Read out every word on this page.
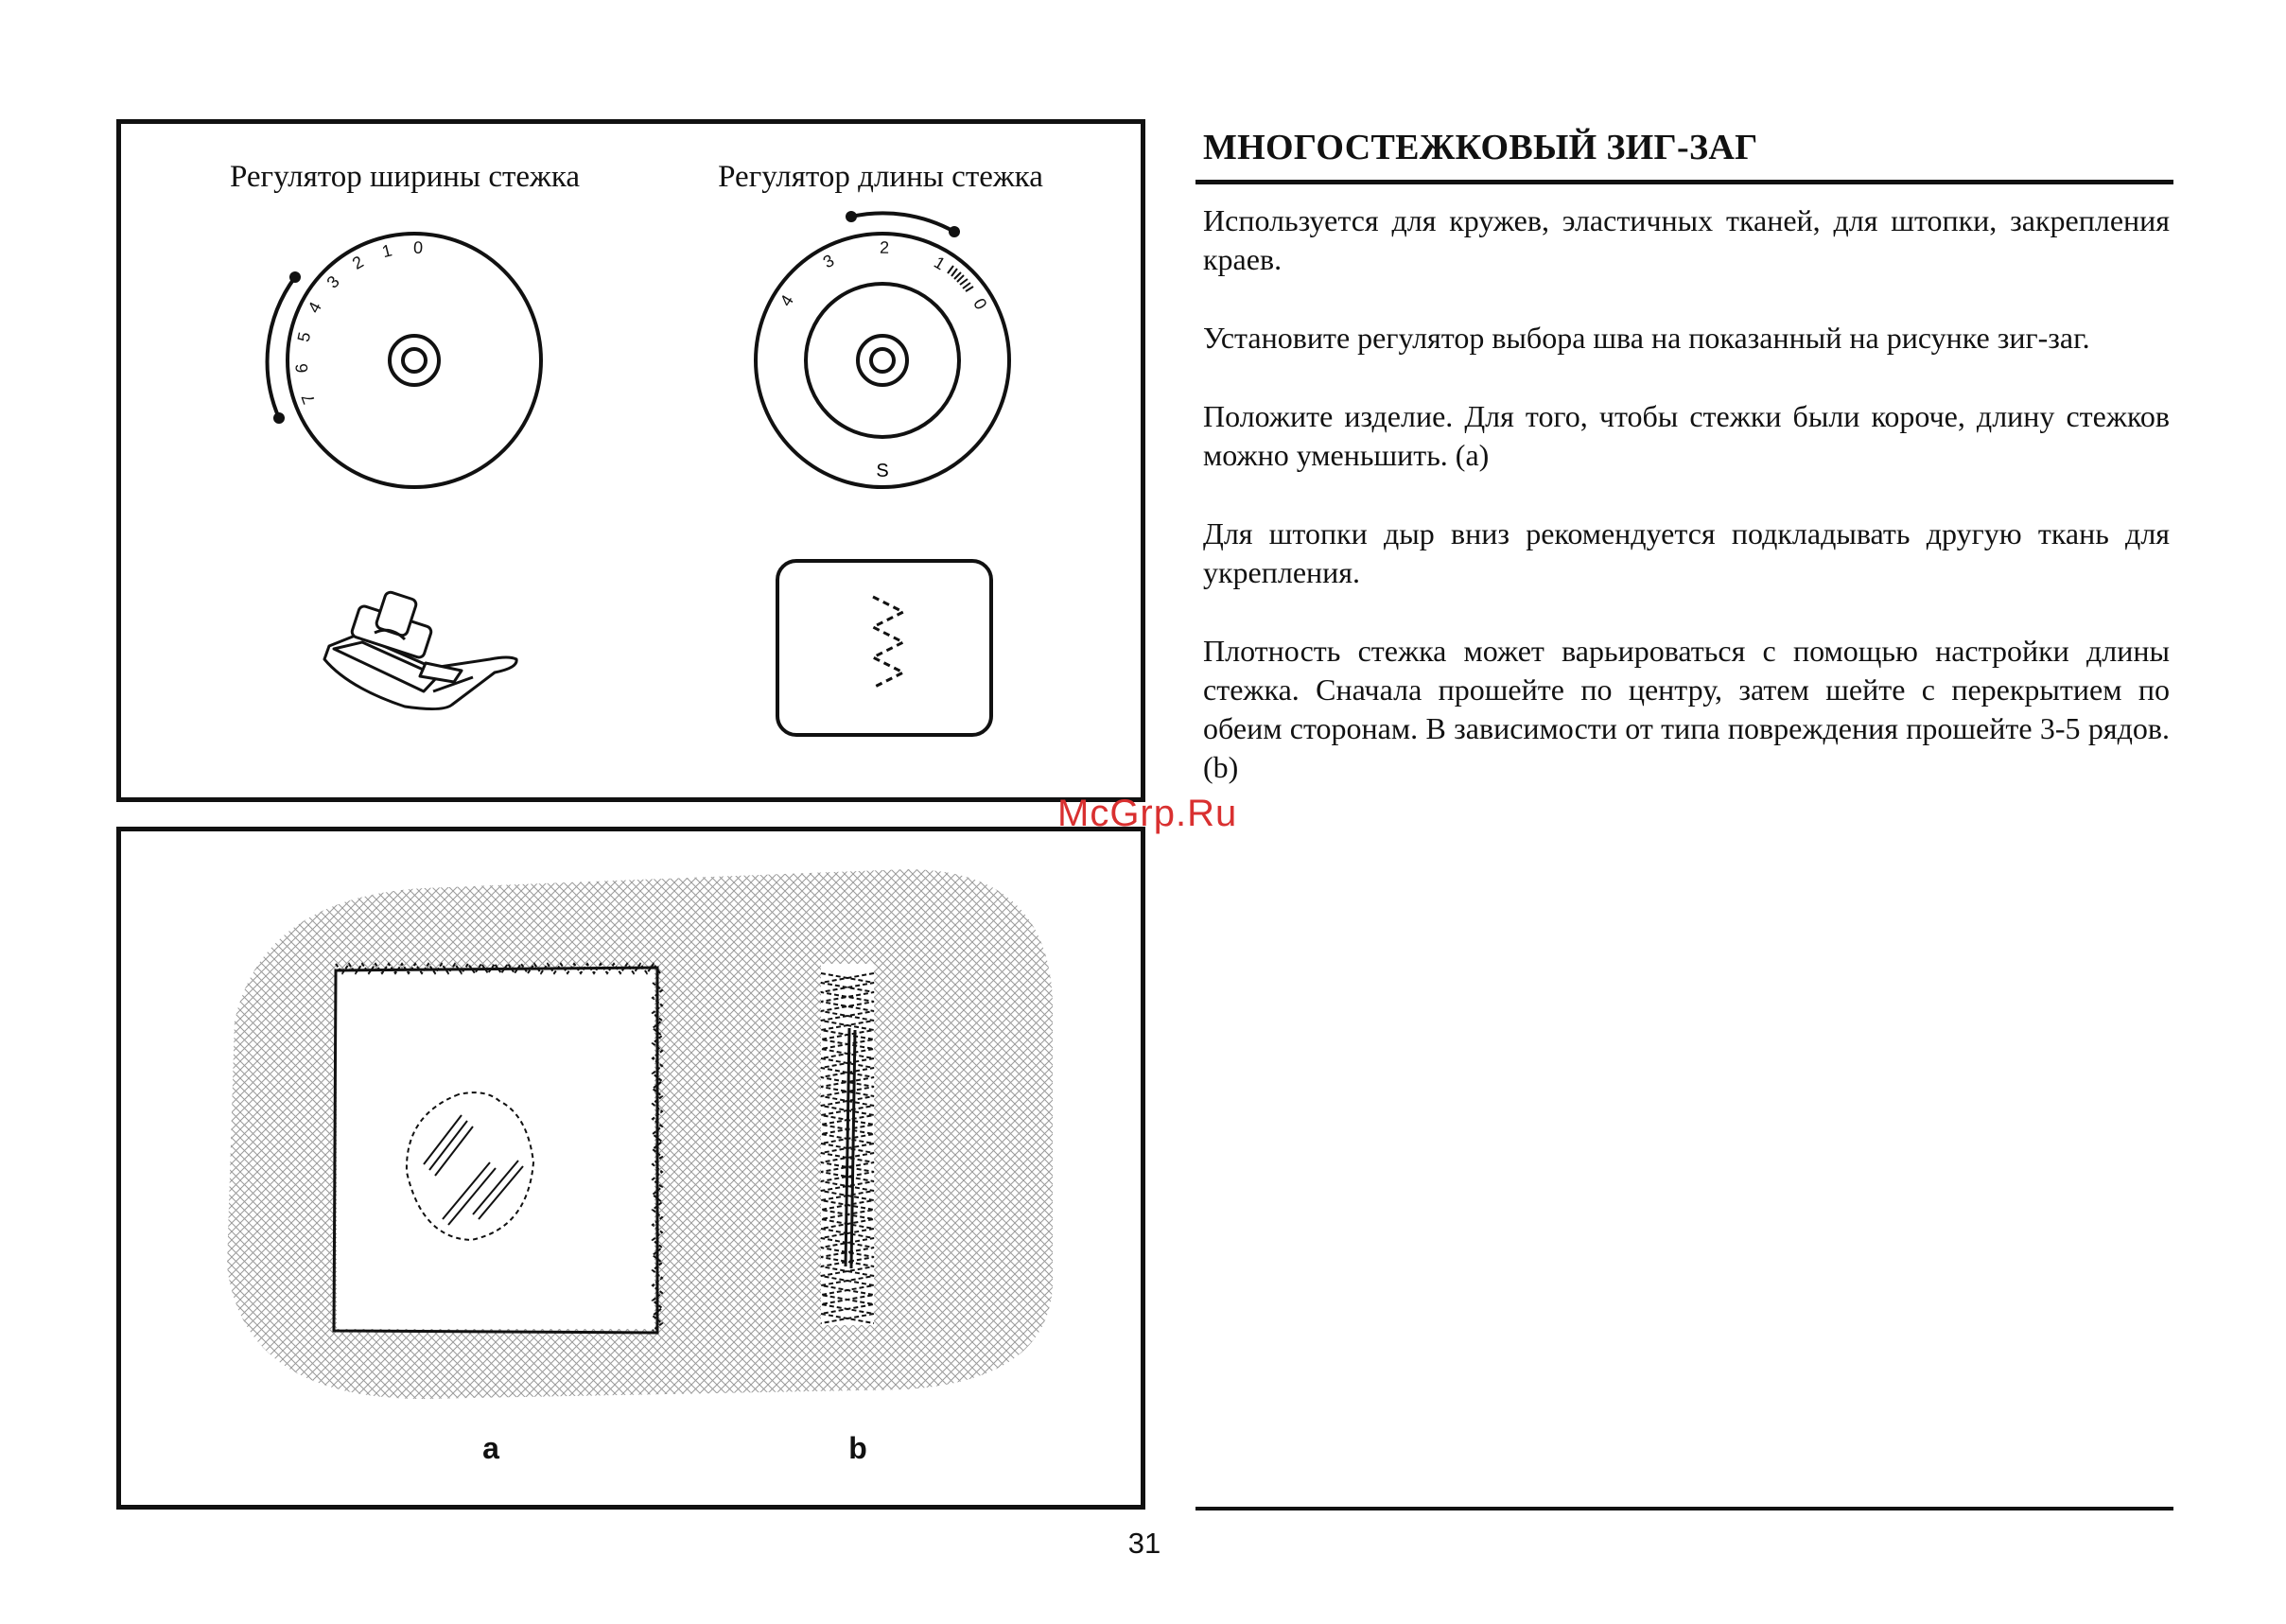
Регулятор ширины стежка	Регулятор длины стежка
7
6
5
4
3
2
1 0
4
3
2
1
0
S
a	b
МНОГОСТЕЖКОВЫЙ ЗИГ-ЗАГ
Используется для кружев, эластичных тканей, для штопки, закрепления краев.
Установите регулятор выбора шва на показанный на рисунке зиг-заг.
Положите изделие. Для того, чтобы стежки были короче, длину стежков можно уменьшить. (a)
Для штопки дыр вниз рекомендуется подкладывать другую ткань для укрепления.
Плотность стежка может варьироваться с помощью настройки длины стежка. Сначала прошейте по центру, затем шейте с перекрытием по обеим сторонам. В зависимости от типа повреждения прошейте 3-5 рядов. (b)
31
McGrp.Ru
